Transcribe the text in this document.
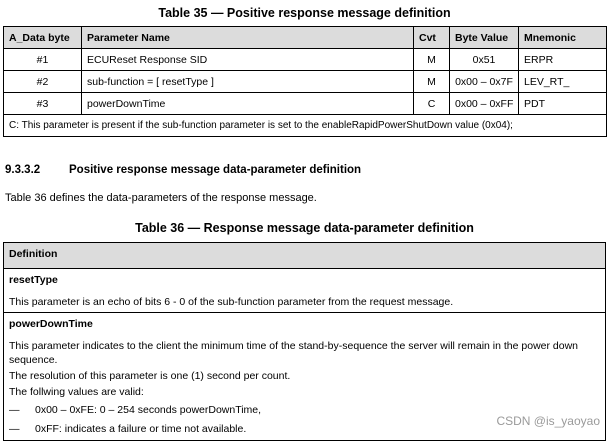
Table 35 — Positive response message definition
A_Data byte	Parameter Name	Cvt	Byte Value	Mnemonic
#1	ECUReset Response SID	M	0x51	ERPR
#2	sub-function = [ resetType ]	M	0x00 – 0x7F	LEV_RT_
#3	powerDownTime	C	0x00 – 0xFF	PDT
C: This parameter is present if the sub-function parameter is set to the enableRapidPowerShutDown value (0x04);				
9.3.3.2	Positive response message data-parameter definition
Table 36 defines the data-parameters of the response message.
Table 36 — Response message data-parameter definition
Definition

resetType

This parameter is an echo of bits 6 - 0 of the sub-function parameter from the request message.

powerDownTime

This parameter indicates to the client the minimum time of the stand-by-sequence the server will remain in the power down sequence.

The resolution of this parameter is one (1) second per count.

The follwing values are valid:

— 0x00 – 0xFE: 0 – 254 seconds powerDownTime,

— 0xFF: indicates a failure or time not available.

CSDN @is_yaoyao
